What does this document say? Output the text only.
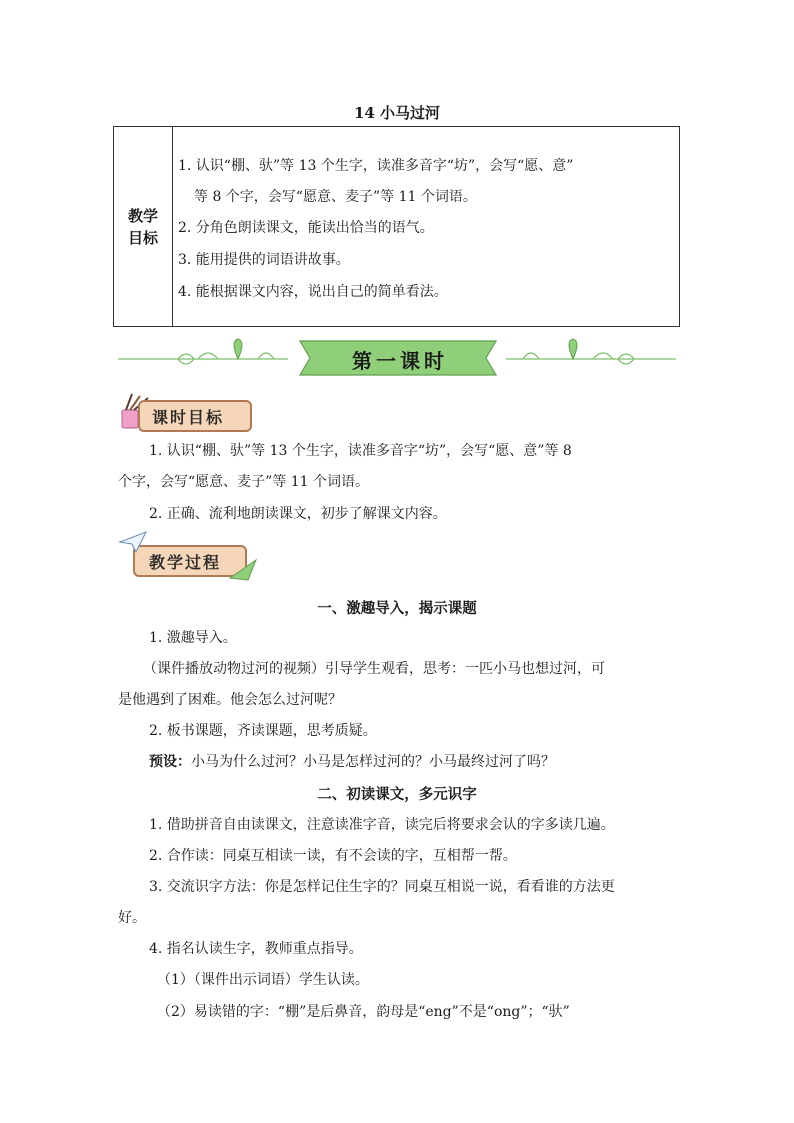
14 小马过河
教学目标
1. 认识“棚、驮”等 13 个生字，读准多音字“坊”，会写“愿、意”
等 8 个字，会写“愿意、麦子”等 11 个词语。
2. 分角色朗读课文，能读出恰当的语气。
3. 能用提供的词语讲故事。
4. 能根据课文内容，说出自己的简单看法。
第一课时
课时目标
1. 认识“棚、驮”等 13 个生字，读准多音字“坊”，会写“愿、意”等 8
个字，会写“愿意、麦子”等 11 个词语。
2. 正确、流利地朗读课文，初步了解课文内容。
教学过程
一、激趣导入，揭示课题
1. 激趣导入。
（课件播放动物过河的视频）引导学生观看，思考：一匹小马也想过河，可
是他遇到了困难。他会怎么过河呢？
2. 板书课题，齐读课题，思考质疑。
预设：小马为什么过河？小马是怎样过河的？小马最终过河了吗？
二、初读课文，多元识字
1. 借助拼音自由读课文，注意读准字音，读完后将要求会认的字多读几遍。
2. 合作读：同桌互相读一读，有不会读的字，互相帮一帮。
3. 交流识字方法：你是怎样记住生字的？同桌互相说一说，看看谁的方法更
好。
4. 指名认读生字，教师重点指导。
（1）（课件出示词语）学生认读。
（2）易读错的字：“棚”是后鼻音，韵母是“eng”不是“ong”；“驮”
